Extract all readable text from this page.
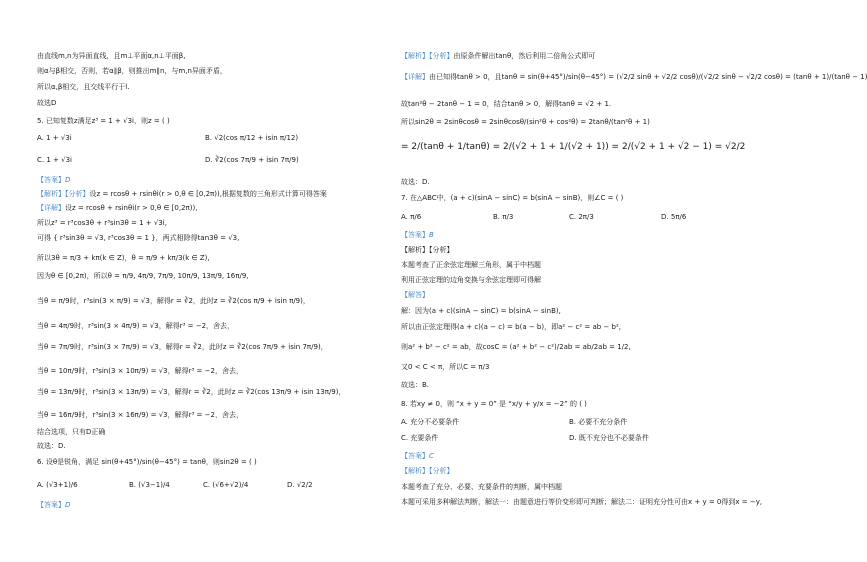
由直线m,n为异面直线，且m⊥平面α,n⊥平面β,
则α与β相交，否则，若α∥β，则推出m∥n，与m,n异面矛盾，
所以α,β相交，且交线平行于l.
故选D
5. 已知复数z满足z³ = 1 + √3i，则z = ( )
A. 1 + √3i	B. √2(cos π/12 + isin π/12)
C. 1 + √3i	D. ∛2(cos 7π/9 + isin 7π/9)
【答案】D
【解析】【分析】设z = rcosθ + rsinθi(r > 0,θ ∈ [0,2π)),根据复数的三角形式计算可得答案
【详解】设z = rcosθ + rsinθi(r > 0,θ ∈ [0,2π)),
所以z³ = r³cos3θ + r³sin3θ = 1 + √3i,
可得 { r³sin3θ = √3, r³cos3θ = 1 }，两式相除得tan3θ = √3,
所以3θ = π/3 + kπ(k ∈ Z)，θ = π/9 + kπ/3(k ∈ Z),
因为θ ∈ [0,2π)，所以θ = π/9, 4π/9, 7π/9, 10π/9, 13π/9, 16π/9,
当θ = π/9时，r³sin(3 × π/9) = √3，解得r = ∛2，此时z = ∛2(cos π/9 + isin π/9)，
当θ = 4π/9时，r³sin(3 × 4π/9) = √3，解得r³ = −2，舍去，
当θ = 7π/9时，r³sin(3 × 7π/9) = √3，解得r = ∛2，此时z = ∛2(cos 7π/9 + isin 7π/9)，
当θ = 10π/9时，r³sin(3 × 10π/9) = √3，解得r³ = −2，舍去，
当θ = 13π/9时，r³sin(3 × 13π/9) = √3，解得r = ∛2，此时z = ∛2(cos 13π/9 + isin 13π/9)，
当θ = 16π/9时，r³sin(3 × 16π/9) = √3，解得r³ = −2，舍去，
结合选项，只有D正确
故选：D.
6. 设θ是锐角，满足 sin(θ+45°)/sin(θ−45°) = tanθ，则sin2θ = ( )
A. (√3+1)/6	B. (√3−1)/4	C. (√6+√2)/4	D. √2/2
【答案】D
【解析】【分析】由原条件解出tanθ，然后利用二倍角公式即可
【详解】由已知得tanθ > 0，且tanθ = sin(θ+45°)/sin(θ−45°) = (√2/2 sinθ + √2/2 cosθ)/(√2/2 sinθ − √2/2 cosθ) = (tanθ + 1)/(tanθ − 1)
故tan²θ − 2tanθ − 1 = 0，结合tanθ > 0，解得tanθ = √2 + 1.
所以sin2θ = 2sinθcosθ = 2sinθcosθ/(sin²θ + cos²θ) = 2tanθ/(tan²θ + 1)
= 2/(tanθ + 1/tanθ) = 2/(√2 + 1 + 1/(√2 + 1)) = 2/(√2 + 1 + √2 − 1) = √2/2
故选：D.
7. 在△ABC中，(a + c)(sinA − sinC) = b(sinA − sinB)，则∠C = ( )
A. π/6	B. π/3	C. 2π/3	D. 5π/6
【答案】B
【解析】【分析】
本题考查了正余弦定理解三角形，属于中档题
利用正弦定理的边角变换与余弦定理即可得解
【解答】
解：因为(a + c)(sinA − sinC) = b(sinA − sinB),
所以由正弦定理得(a + c)(a − c) = b(a − b)，即a² − c² = ab − b²,
则a² + b² − c² = ab，故cosC = (a² + b² − c²)/2ab = ab/2ab = 1/2,
又0 < C < π，所以C = π/3
故选：B.
8. 若xy ≠ 0，则 “x + y = 0” 是 “x/y + y/x = −2” 的 ( )
A. 充分不必要条件	B. 必要不充分条件
C. 充要条件	D. 既不充分也不必要条件
【答案】C
【解析】【分析】
本题考查了充分、必要、充要条件的判断，属中档题
本题可采用多种解法判断，解法一：由题意进行等价变形即可判断；解法二：证明充分性可由x + y = 0得到x = −y,
